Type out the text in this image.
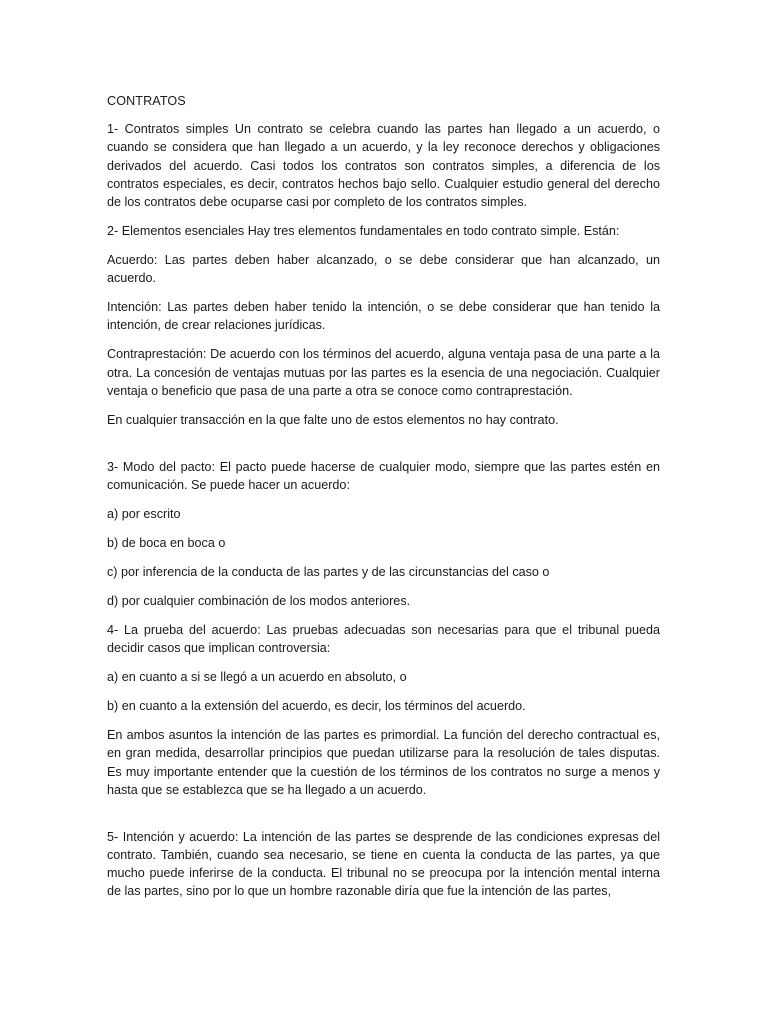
CONTRATOS

1- Contratos simples Un contrato se celebra cuando las partes han llegado a un acuerdo, o cuando se considera que han llegado a un acuerdo, y la ley reconoce derechos y obligaciones derivados del acuerdo. Casi todos los contratos son contratos simples, a diferencia de los contratos especiales, es decir, contratos hechos bajo sello. Cualquier estudio general del derecho de los contratos debe ocuparse casi por completo de los contratos simples.

2- Elementos esenciales Hay tres elementos fundamentales en todo contrato simple. Están:

Acuerdo: Las partes deben haber alcanzado, o se debe considerar que han alcanzado, un acuerdo.

Intención: Las partes deben haber tenido la intención, o se debe considerar que han tenido la intención, de crear relaciones jurídicas.

Contraprestación: De acuerdo con los términos del acuerdo, alguna ventaja pasa de una parte a la otra. La concesión de ventajas mutuas por las partes es la esencia de una negociación. Cualquier ventaja o beneficio que pasa de una parte a otra se conoce como contraprestación.

En cualquier transacción en la que falte uno de estos elementos no hay contrato.

3- Modo del pacto: El pacto puede hacerse de cualquier modo, siempre que las partes estén en comunicación. Se puede hacer un acuerdo:

a) por escrito

b) de boca en boca o

c) por inferencia de la conducta de las partes y de las circunstancias del caso o

d) por cualquier combinación de los modos anteriores.

4- La prueba del acuerdo: Las pruebas adecuadas son necesarias para que el tribunal pueda decidir casos que implican controversia:

a) en cuanto a si se llegó a un acuerdo en absoluto, o

b) en cuanto a la extensión del acuerdo, es decir, los términos del acuerdo.

En ambos asuntos la intención de las partes es primordial. La función del derecho contractual es, en gran medida, desarrollar principios que puedan utilizarse para la resolución de tales disputas. Es muy importante entender que la cuestión de los términos de los contratos no surge a menos y hasta que se establezca que se ha llegado a un acuerdo.

5- Intención y acuerdo: La intención de las partes se desprende de las condiciones expresas del contrato. También, cuando sea necesario, se tiene en cuenta la conducta de las partes, ya que mucho puede inferirse de la conducta. El tribunal no se preocupa por la intención mental interna de las partes, sino por lo que un hombre razonable diría que fue la intención de las partes,
